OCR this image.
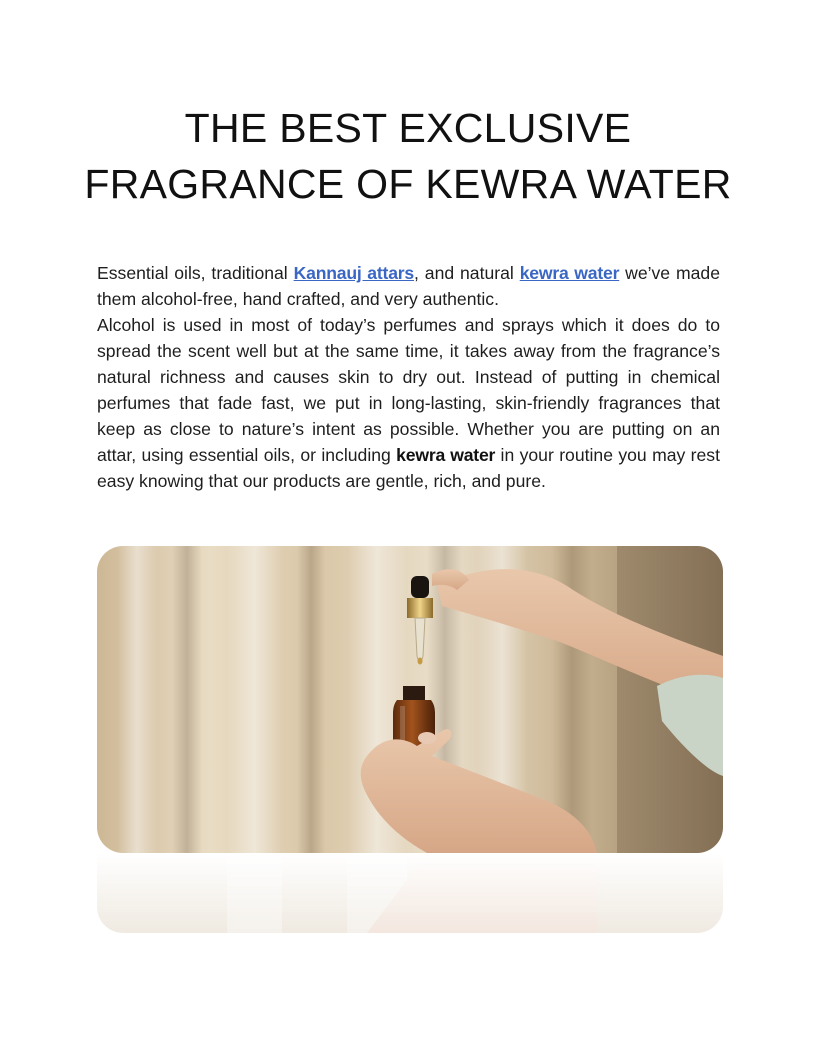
THE BEST EXCLUSIVE
FRAGRANCE OF KEWRA WATER

Essential oils, traditional Kannauj attars, and natural kewra water we’ve made them alcohol-free, hand crafted, and very authentic.

Alcohol is used in most of today’s perfumes and sprays which it does do to spread the scent well but at the same time, it takes away from the fragrance’s natural richness and causes skin to dry out. Instead of putting in chemical perfumes that fade fast, we put in long-lasting, skin-friendly fragrances that keep as close to nature’s intent as possible. Whether you are putting on an attar, using essential oils, or including kewra water in your routine you may rest easy knowing that our products are gentle, rich, and pure.
